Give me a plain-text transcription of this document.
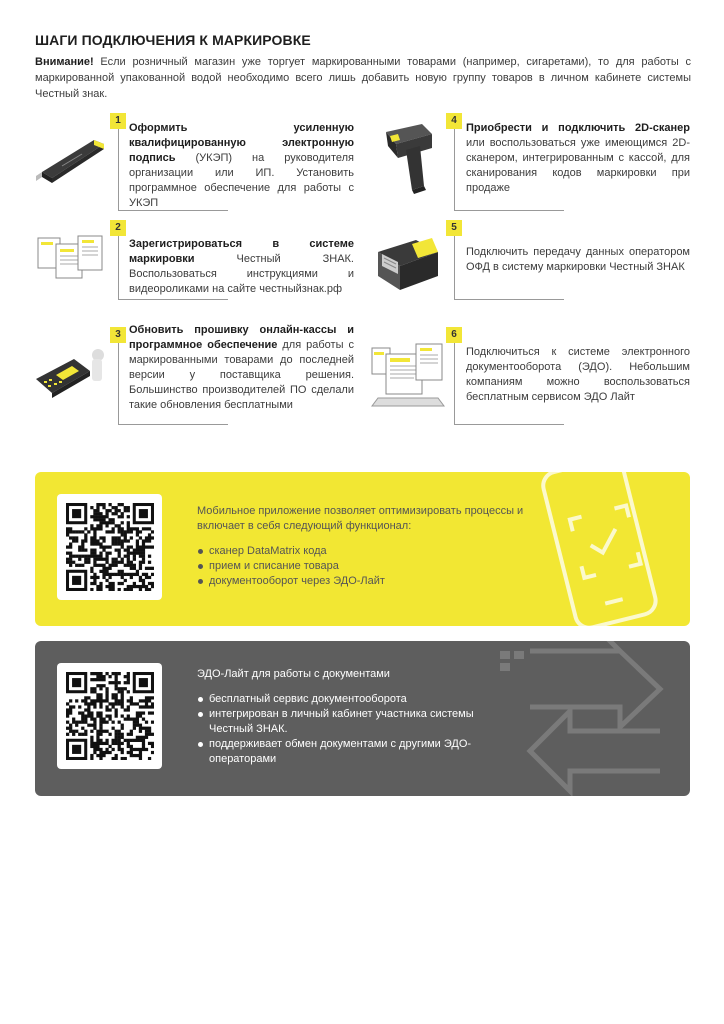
ШАГИ ПОДКЛЮЧЕНИЯ К МАРКИРОВКЕ

Внимание! Если розничный магазин уже торгует маркированными товарами (например, сигаретами), то для работы с маркированной упакованной водой необходимо всего лишь добавить новую группу товаров в личном кабинете системы Честный знак.

1
Оформить усиленную квалифицированную электронную подпись (УКЭП) на руководителя организации или ИП. Установить программное обеспечение для работы с УКЭП
2
Зарегистрироваться в системе маркировки Честный ЗНАК. Воспользоваться инструкциями и видеороликами на сайте честныйзнак.рф
3 Обновить прошивку онлайн-кассы и программное обеспечение для работы с маркированными товарами до последней версии у поставщика решения. Большинство производителей ПО сделали такие обновления бесплатными
4
Приобрести и подключить 2D-сканер или воспользоваться уже имеющимся 2D-сканером, интегрированным с кассой, для сканирования кодов маркировки при продаже
5
Подключить передачу данных оператором ОФД в систему маркировки Честный ЗНАК
6
Подключиться к системе электронного документооборота (ЭДО). Небольшим компаниям можно воспользоваться бесплатным сервисом ЭДО Лайт

Мобильное приложение позволяет оптимизировать процессы и включает в себя следующий функционал:

сканер DataMatrix кода
прием и списание товара
документооборот через ЭДО-Лайт

ЭДО-Лайт для работы с документами

бесплатный сервис документооборота
интегрирован в личный кабинет участника системы Честный ЗНАК.
поддерживает обмен документами с другими ЭДО-операторами
